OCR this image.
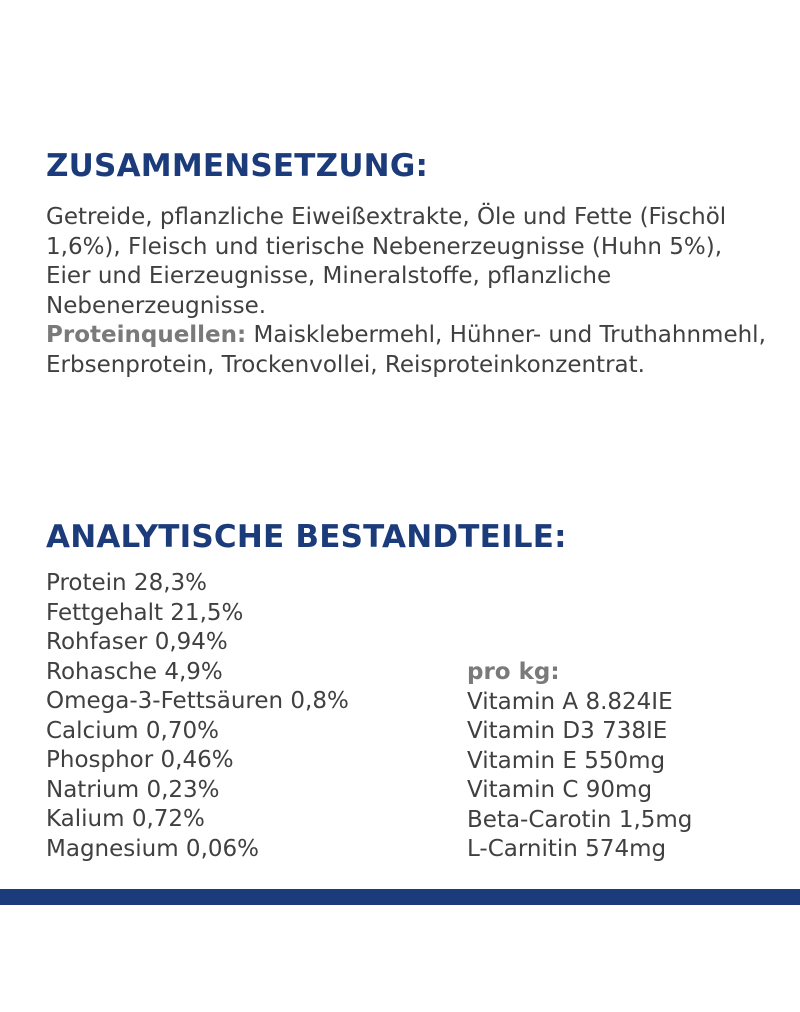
ZUSAMMENSETZUNG:

Getreide, pflanzliche Eiweißextrakte, Öle und Fette (Fischöl 1,6%), Fleisch und tierische Nebenerzeugnisse (Huhn 5%), Eier und Eierzeugnisse, Mineralstoffe, pflanzliche Nebenerzeugnisse.

Proteinquellen: Maisklebermehl, Hühner- und Truthahnmehl, Erbsenprotein, Trockenvollei, Reisproteinkonzentrat.

ANALYTISCHE BESTANDTEILE:
Protein 28,3%
Fettgehalt 21,5%
Rohfaser 0,94%
Rohasche 4,9%
Omega-3-Fettsäuren 0,8%
Calcium 0,70%
Phosphor 0,46%
Natrium 0,23%
Kalium 0,72%
Magnesium 0,06%
pro kg:
Vitamin A 8.824IE
Vitamin D3 738IE
Vitamin E 550mg
Vitamin C 90mg
Beta-Carotin 1,5mg
L-Carnitin 574mg
